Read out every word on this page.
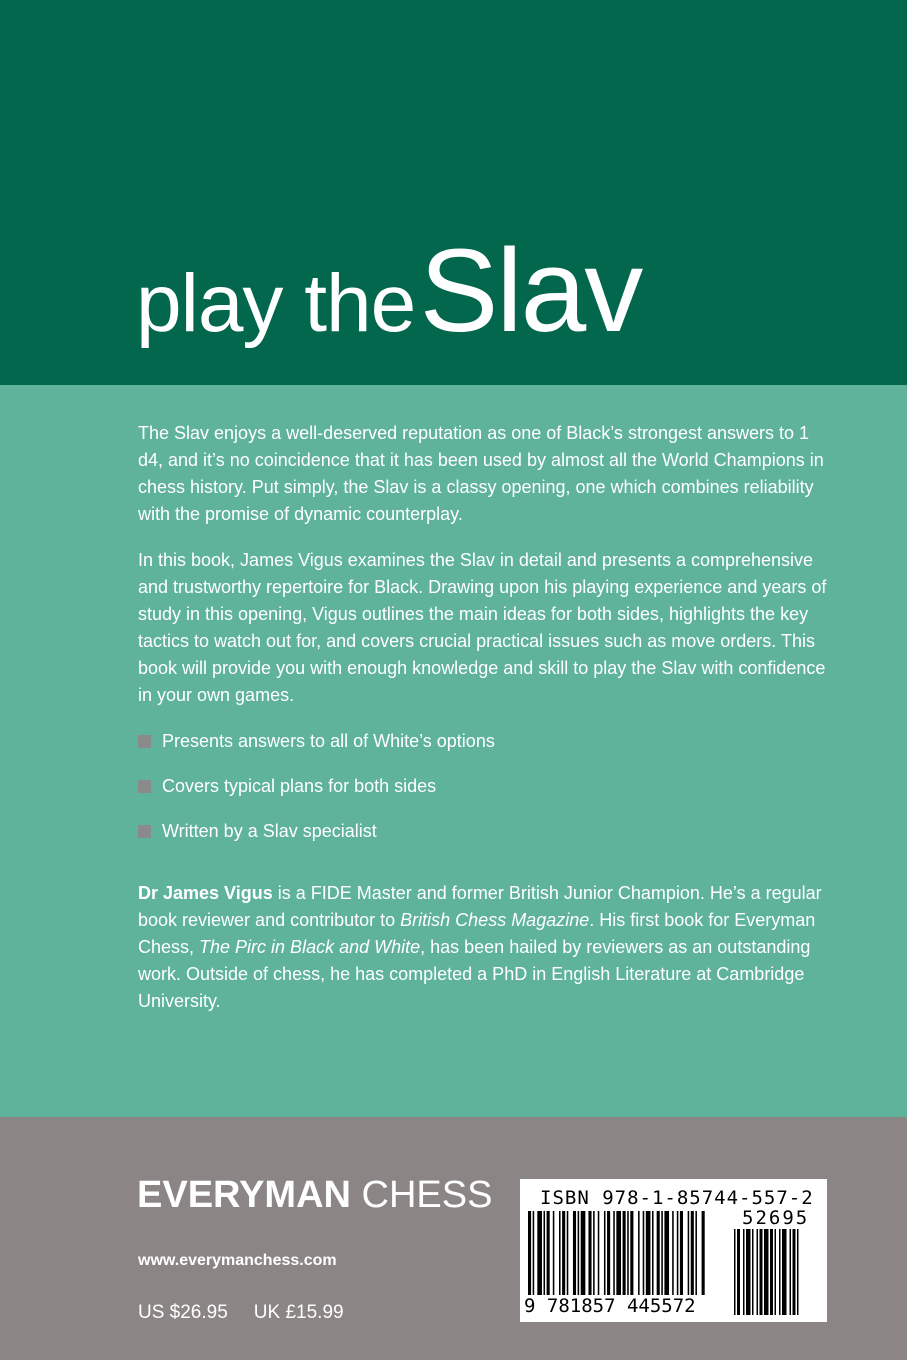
play the Slav

The Slav enjoys a well-deserved reputation as one of Black’s strongest answers to 1 d4, and it’s no coincidence that it has been used by almost all the World Champions in chess history. Put simply, the Slav is a classy opening, one which combines reliability with the promise of dynamic counterplay.

In this book, James Vigus examines the Slav in detail and presents a comprehensive and trustworthy repertoire for Black. Drawing upon his playing experience and years of study in this opening, Vigus outlines the main ideas for both sides, highlights the key tactics to watch out for, and covers crucial practical issues such as move orders. This book will provide you with enough knowledge and skill to play the Slav with confidence in your own games.

Presents answers to all of White’s options
Covers typical plans for both sides
Written by a Slav specialist

Dr James Vigus is a FIDE Master and former British Junior Champion. He’s a regular book reviewer and contributor to British Chess Magazine. His first book for Everyman Chess, The Pirc in Black and White, has been hailed by reviewers as an outstanding work. Outside of chess, he has completed a PhD in English Literature at Cambridge University.

EVERYMAN CHESS
www.everymanchess.com
US $26.95 UK £15.99
ISBN 978-1-85744-557-2
52695
9 781857 445572
